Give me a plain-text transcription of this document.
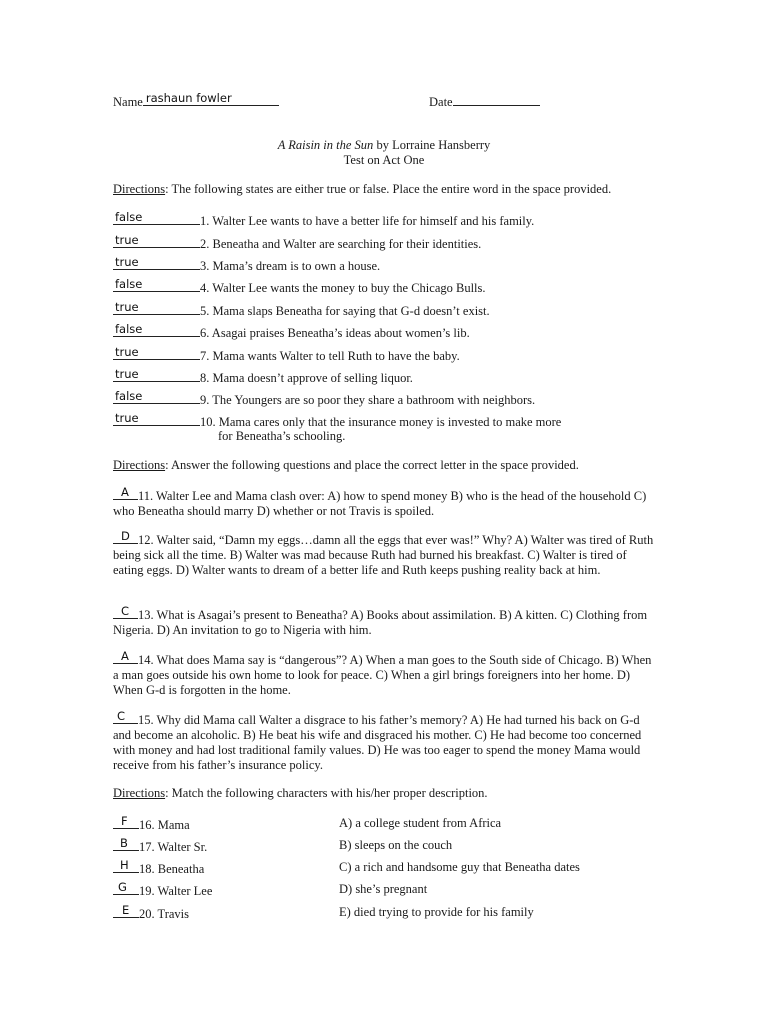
Name rashaun fowler	Date
A Raisin in the Sun by Lorraine Hansberry
Test on Act One
Directions: The following states are either true or false. Place the entire word in the space provided.
false	1. Walter Lee wants to have a better life for himself and his family.
true	2. Beneatha and Walter are searching for their identities.
true	3. Mama’s dream is to own a house.
false	4. Walter Lee wants the money to buy the Chicago Bulls.
true	5. Mama slaps Beneatha for saying that G-d doesn’t exist.
false	6. Asagai praises Beneatha’s ideas about women’s lib.
true	7. Mama wants Walter to tell Ruth to have the baby.
true	8. Mama doesn’t approve of selling liquor.
false	9. The Youngers are so poor they share a bathroom with neighbors.
true	10. Mama cares only that the insurance money is invested to make more
for Beneatha’s schooling.
Directions: Answer the following questions and place the correct letter in the space provided.
A 11. Walter Lee and Mama clash over: A) how to spend money B) who is the head of the household C) who Beneatha should marry D) whether or not Travis is spoiled.
D 12. Walter said, “Damn my eggs…damn all the eggs that ever was!” Why? A) Walter was tired of Ruth being sick all the time. B) Walter was mad because Ruth had burned his breakfast. C) Walter is tired of eating eggs. D) Walter wants to dream of a better life and Ruth keeps pushing reality back at him.
C 13. What is Asagai’s present to Beneatha? A) Books about assimilation. B) A kitten. C) Clothing from Nigeria. D) An invitation to go to Nigeria with him.
A 14. What does Mama say is “dangerous”? A) When a man goes to the South side of Chicago. B) When a man goes outside his own home to look for peace. C) When a girl brings foreigners into her home. D) When G-d is forgotten in the home.
C 15. Why did Mama call Walter a disgrace to his father’s memory? A) He had turned his back on G-d and become an alcoholic. B) He beat his wife and disgraced his mother. C) He had become too concerned with money and had lost traditional family values. D) He was too eager to spend the money Mama would receive from his father’s insurance policy.
Directions: Match the following characters with his/her proper description.
F 16. Mama	A) a college student from Africa
B 17. Walter Sr.	B) sleeps on the couch
H 18. Beneatha	C) a rich and handsome guy that Beneatha dates
G 19. Walter Lee	D) she’s pregnant
E 20. Travis	E) died trying to provide for his family
